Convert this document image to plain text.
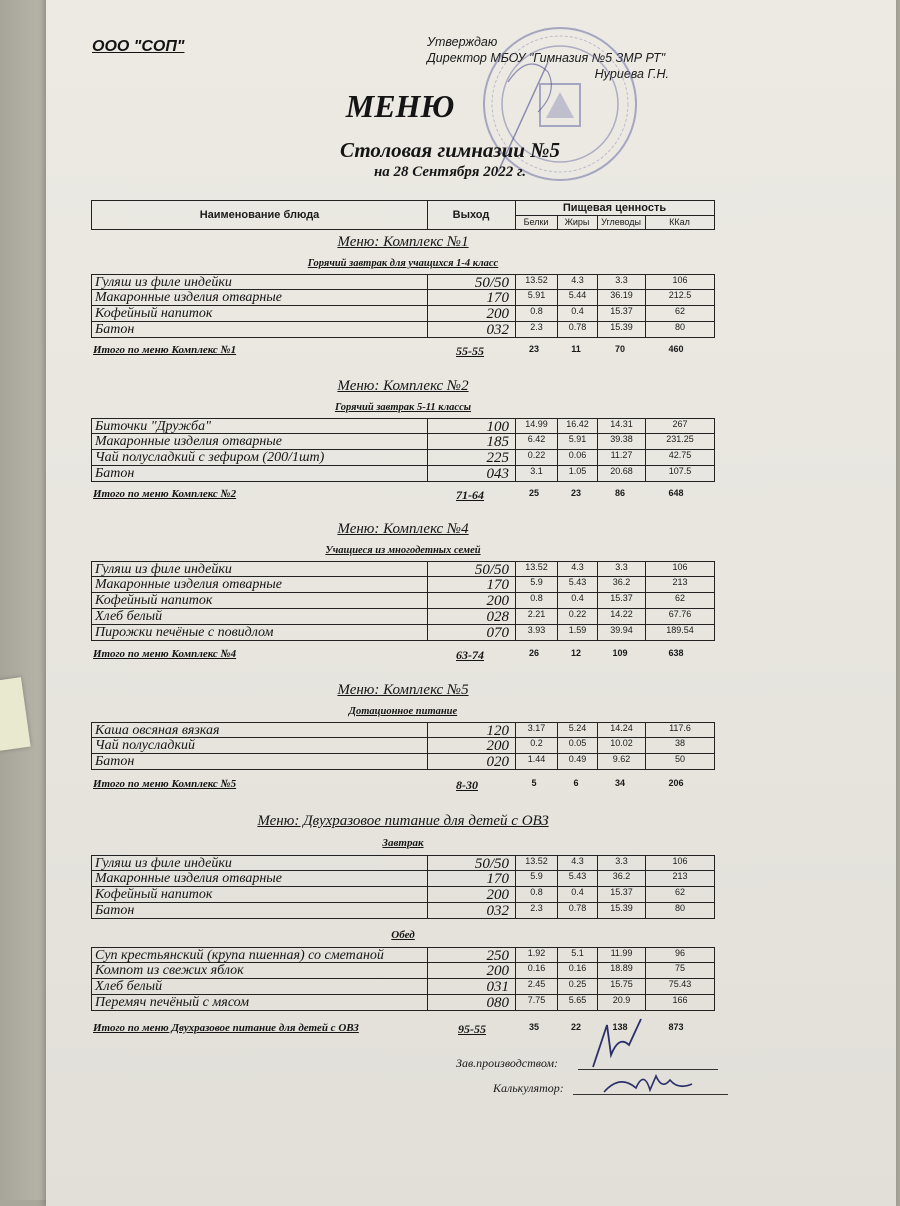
ООО "СОП"	Утверждаю
Директор МБОУ "Гимназия №5 ЗМР РТ"
Нуриева Г.Н.
МЕНЮ
Столовая гимназии №5
на 28 Сентября 2022 г.
Наименование блюда	Выход
Пищевая ценность
Белки	Жиры	Углеводы	ККал
Меню: Комплекс №1
Горячий завтрак для учащихся 1-4 класс
Гуляш из филе индейки	50/50	13.52	4.3	3.3	106
Макаронные изделия отварные	170	5.91	5.44	36.19	212.5
Кофейный напиток	200	0.8	0.4	15.37	62
Батон	032	2.3	0.78	15.39	80
Итого по меню Комплекс №1	55-55	23	11	70	460
Меню: Комплекс №2
Горячий завтрак 5-11 классы
Биточки "Дружба"	100	14.99	16.42	14.31	267
Макаронные изделия отварные	185	6.42	5.91	39.38	231.25
Чай полусладкий с зефиром (200/1шт)	225	0.22	0.06	11.27	42.75
Батон	043	3.1	1.05	20.68	107.5
Итого по меню Комплекс №2	71-64	25	23	86	648
Меню: Комплекс №4
Учащиеся из многодетных семей
Гуляш из филе индейки	50/50	13.52	4.3	3.3	106
Макаронные изделия отварные	170	5.9	5.43	36.2	213
Кофейный напиток	200	0.8	0.4	15.37	62
Хлеб белый	028	2.21	0.22	14.22	67.76
Пирожки печёные с повидлом	070	3.93	1.59	39.94	189.54
Итого по меню Комплекс №4	63-74	26	12	109	638
Меню: Комплекс №5
Дотационное питание
Каша овсяная вязкая	120	3.17	5.24	14.24	117.6
Чай полусладкий	200	0.2	0.05	10.02	38
Батон	020	1.44	0.49	9.62	50
Итого по меню Комплекс №5	8-30	5	6	34	206
Меню: Двухразовое питание для детей с ОВЗ
Завтрак
Гуляш из филе индейки	50/50	13.52	4.3	3.3	106
Макаронные изделия отварные	170	5.9	5.43	36.2	213
Кофейный напиток	200	0.8	0.4	15.37	62
Батон	032	2.3	0.78	15.39	80
Обед
Суп крестьянский (крупа пшенная) со сметаной	250	1.92	5.1	11.99	96
Компот из свежих яблок	200	0.16	0.16	18.89	75
Хлеб белый	031	2.45	0.25	15.75	75.43
Перемяч печёный с мясом	080	7.75	5.65	20.9	166
Итого по меню Двухразовое питание для детей с ОВЗ	95-55	35	22	138	873
Зав.производством:
Калькулятор:
